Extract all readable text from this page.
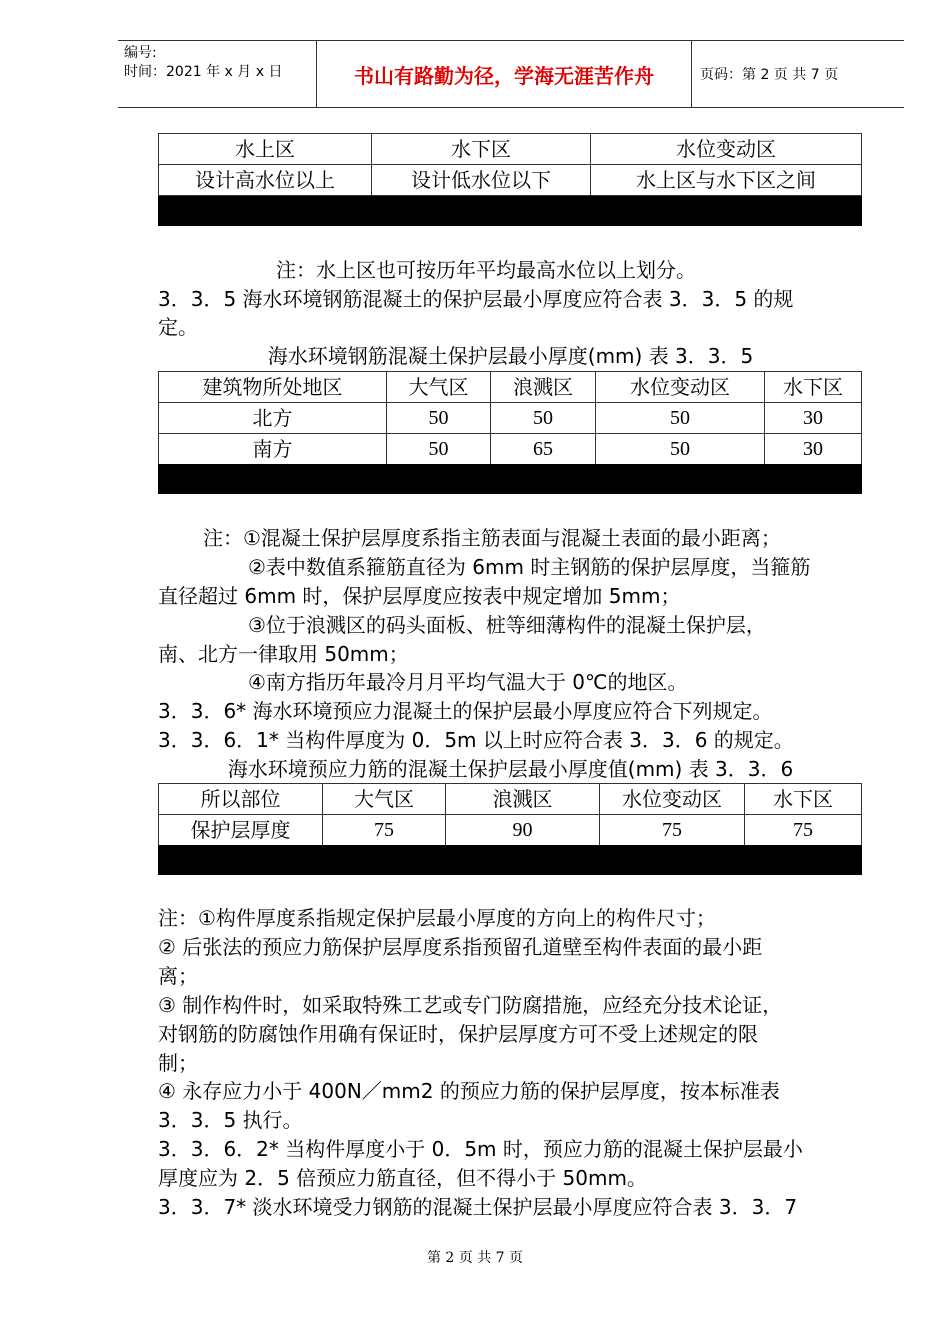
编号:
时间：2021 年 x 月 x 日	书山有路勤为径，学海无涯苦作舟	页码：第 2 页 共 7 页
水上区	水下区	水位变动区
设计高水位以上	设计低水位以下	水上区与水下区之间
注：水上区也可按历年平均最高水位以上划分。
3．3．5 海水环境钢筋混凝土的保护层最小厚度应符合表 3．3．5 的规
定。
海水环境钢筋混凝土保护层最小厚度(mm) 表 3．3．5
建筑物所处地区	大气区	浪溅区	水位变动区	水下区
北方	50	50	50	30
南方	50	65	50	30
注：①混凝土保护层厚度系指主筋表面与混凝土表面的最小距离；
②表中数值系箍筋直径为 6mm 时主钢筋的保护层厚度，当箍筋
直径超过 6mm 时，保护层厚度应按表中规定增加 5mm；
③位于浪溅区的码头面板、桩等细薄构件的混凝土保护层，
南、北方一律取用 50mm；
④南方指历年最冷月月平均气温大于 0℃的地区。
3．3．6* 海水环境预应力混凝土的保护层最小厚度应符合下列规定。
3．3．6．1* 当构件厚度为 0．5m 以上时应符合表 3．3．6 的规定。
海水环境预应力筋的混凝土保护层最小厚度值(mm) 表 3．3．6
所以部位	大气区	浪溅区	水位变动区	水下区
保护层厚度	75	90	75	75
注：①构件厚度系指规定保护层最小厚度的方向上的构件尺寸；
② 后张法的预应力筋保护层厚度系指预留孔道壁至构件表面的最小距
离；
③ 制作构件时，如采取特殊工艺或专门防腐措施，应经充分技术论证，
对钢筋的防腐蚀作用确有保证时，保护层厚度方可不受上述规定的限
制；
④ 永存应力小于 400N／mm2 的预应力筋的保护层厚度，按本标准表
3．3．5 执行。
3．3．6．2* 当构件厚度小于 0．5m 时，预应力筋的混凝土保护层最小
厚度应为 2．5 倍预应力筋直径，但不得小于 50mm。
3．3．7* 淡水环境受力钢筋的混凝土保护层最小厚度应符合表 3．3．7
第 2 页 共 7 页
